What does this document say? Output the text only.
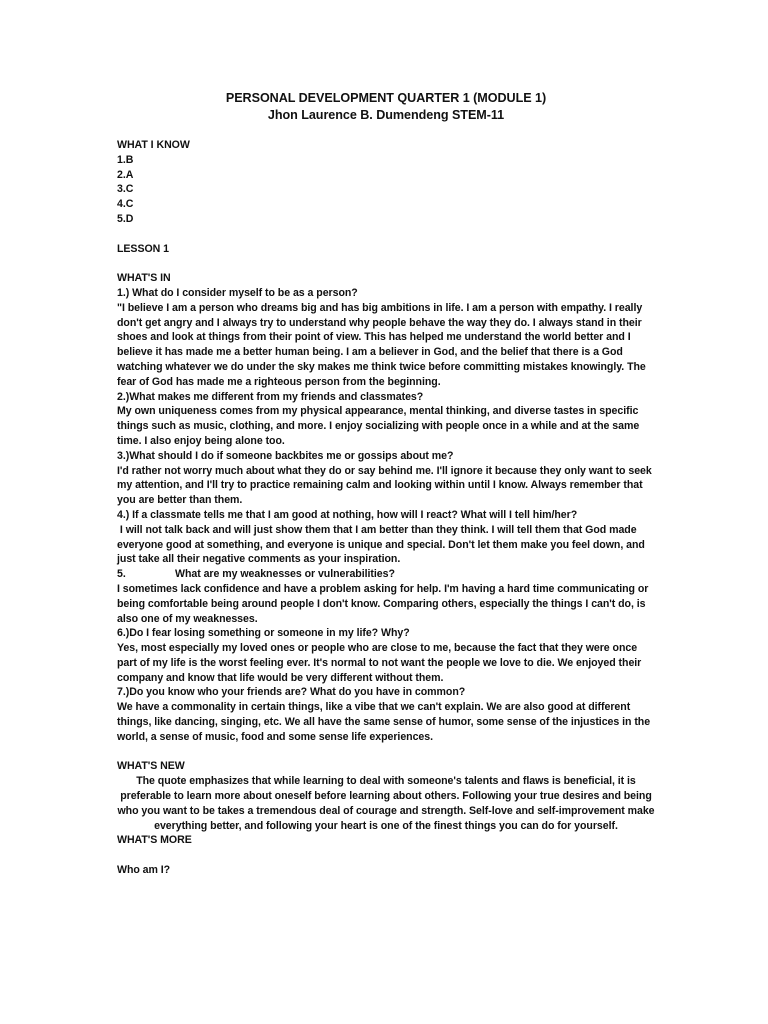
PERSONAL DEVELOPMENT QUARTER 1 (MODULE 1)
Jhon Laurence B. Dumendeng STEM-11
WHAT I KNOW
1.B
2.A
3.C
4.C
5.D
LESSON 1
WHAT'S IN
1.) What do I consider myself to be as a person?
"I believe I am a person who dreams big and has big ambitions in life. I am a person with empathy. I really don't get angry and I always try to understand why people behave the way they do. I always stand in their shoes and look at things from their point of view. This has helped me understand the world better and I believe it has made me a better human being. I am a believer in God, and the belief that there is a God watching whatever we do under the sky makes me think twice before committing mistakes knowingly. The fear of God has made me a righteous person from the beginning.
2.)What makes me different from my friends and classmates?
My own uniqueness comes from my physical appearance, mental thinking, and diverse tastes in specific things such as music, clothing, and more. I enjoy socializing with people once in a while and at the same time. I also enjoy being alone too.
3.)What should I do if someone backbites me or gossips about me?
I'd rather not worry much about what they do or say behind me. I'll ignore it because they only want to seek my attention, and I'll try to practice remaining calm and looking within until I know. Always remember that you are better than them.
4.) If a classmate tells me that I am good at nothing, how will I react? What will I tell him/her?
I will not talk back and will just show them that I am better than they think. I will tell them that God made everyone good at something, and everyone is unique and special. Don't let them make you feel down, and just take all their negative comments as your inspiration.
5.	What are my weaknesses or vulnerabilities?
I sometimes lack confidence and have a problem asking for help. I'm having a hard time communicating or being comfortable being around people I don't know. Comparing others, especially the things I can't do, is also one of my weaknesses.
6.)Do I fear losing something or someone in my life? Why?
Yes, most especially my loved ones or people who are close to me, because the fact that they were once part of my life is the worst feeling ever. It's normal to not want the people we love to die. We enjoyed their company and know that life would be very different without them.
7.)Do you know who your friends are? What do you have in common?
We have a commonality in certain things, like a vibe that we can't explain. We are also good at different things, like dancing, singing, etc. We all have the same sense of humor, some sense of the injustices in the world, a sense of music, food and some sense life experiences.
WHAT'S NEW
The quote emphasizes that while learning to deal with someone's talents and flaws is beneficial, it is preferable to learn more about oneself before learning about others. Following your true desires and being who you want to be takes a tremendous deal of courage and strength. Self-love and self-improvement make everything better, and following your heart is one of the finest things you can do for yourself.
WHAT'S MORE
Who am I?
